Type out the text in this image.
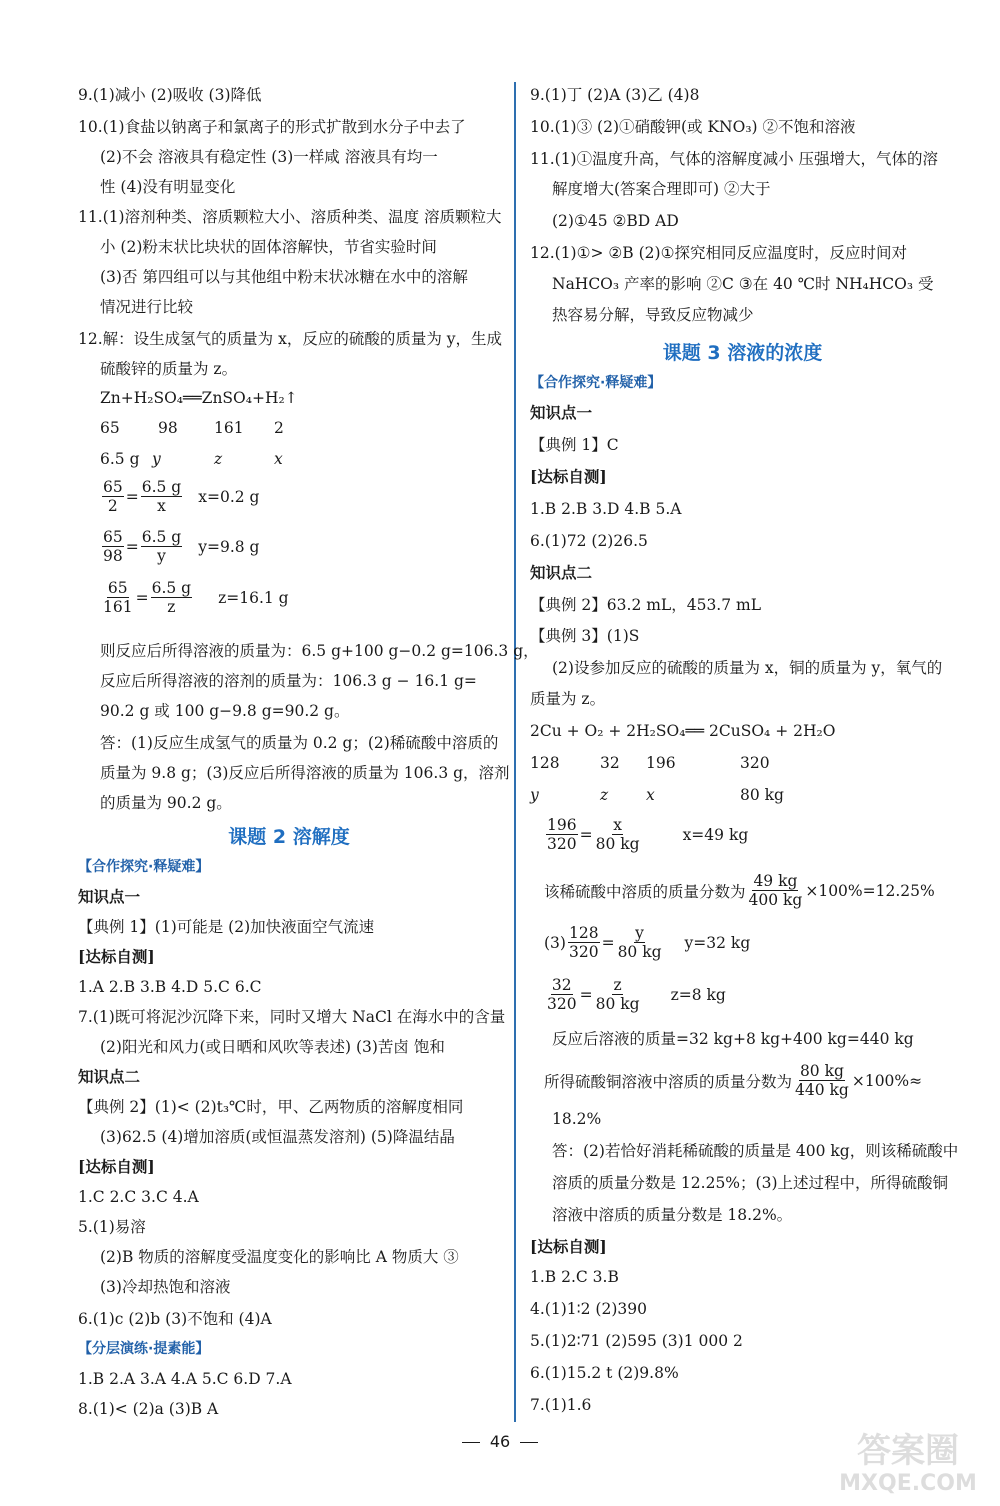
9.(1)减小 (2)吸收 (3)降低
10.(1)食盐以钠离子和氯离子的形式扩散到水分子中去了
(2)不会 溶液具有稳定性 (3)一样咸 溶液具有均一
性 (4)没有明显变化
11.(1)溶剂种类、溶质颗粒大小、溶质种类、温度 溶质颗粒大
小 (2)粉末状比块状的固体溶解快，节省实验时间
(3)否 第四组可以与其他组中粉末状冰糖在水中的溶解
情况进行比较
12.解：设生成氢气的质量为 x，反应的硫酸的质量为 y，生成
硫酸锌的质量为 z。
Zn+H₂SO₄══ZnSO₄+H₂↑
65 98 161 2
6.5 g y	z	x
$\frac{65}{2} = \frac{6.5 g}{x} x=0.2$ g
$\frac{65}{98} = \frac{6.5 g}{y} y=9.8$ g
$\frac{65}{161} = \frac{6.5 g}{z} z=16.1$ g
则反应后所得溶液的质量为：6.5 g+100 g−0.2 g=106.3 g，
反应后所得溶液的溶剂的质量为：106.3 g − 16.1 g=
90.2 g 或 100 g−9.8 g=90.2 g。
答：(1)反应生成氢气的质量为 0.2 g；(2)稀硫酸中溶质的
质量为 9.8 g；(3)反应后所得溶液的质量为 106.3 g，溶剂
的质量为 90.2 g。
课题 2 溶解度
【合作探究·释疑难】
知识点一
【典例 1】(1)可能是 (2)加快液面空气流速
[达标自测]
1.A 2.B 3.B 4.D 5.C 6.C
7.(1)既可将泥沙沉降下来，同时又增大 NaCl 在海水中的含量
(2)阳光和风力(或日晒和风吹等表述) (3)苦卤 饱和
知识点二
【典例 2】(1)< (2)t₃℃时，甲、乙两物质的溶解度相同
(3)62.5 (4)增加溶质(或恒温蒸发溶剂) (5)降温结晶
[达标自测]
1.C 2.C 3.C 4.A
5.(1)易溶
(2)B 物质的溶解度受温度变化的影响比 A 物质大 ③
(3)冷却热饱和溶液
6.(1)c (2)b (3)不饱和 (4)A
【分层演练·提素能】
1.B 2.A 3.A 4.A 5.C 6.D 7.A
8.(1)< (2)a (3)B A
9.(1)丁 (2)A (3)乙 (4)8
10.(1)③ (2)①硝酸钾(或 KNO₃) ②不饱和溶液
11.(1)①温度升高，气体的溶解度减小 压强增大，气体的溶
解度增大(答案合理即可) ②大于
(2)①45 ②BD AD
12.(1)①> ②B (2)①探究相同反应温度时，反应时间对
NaHCO₃ 产率的影响 ②C ③在 40 ℃时 NH₄HCO₃ 受
热容易分解，导致反应物减少
课题 3 溶液的浓度
【合作探究·释疑难】
知识点一
【典例 1】C
[达标自测]
1.B 2.B 3.D 4.B 5.A
6.(1)72 (2)26.5
知识点二
【典例 2】63.2 mL，453.7 mL
【典例 3】(1)S
(2)设参加反应的硫酸的质量为 x，铜的质量为 y，氧气的
质量为 z。
2Cu + O₂ + 2H₂SO₄══ 2CuSO₄ + 2H₂O
128	32 196	320
y	z x	80 kg
$\frac{196}{320} = \frac{x}{80 kg}$	x=49 kg
该稀硫酸中溶质的质量分数为 $\frac{49 kg}{400 kg} \times 100\%=12.25\%$
$(3) \frac{128}{320} = \frac{y}{80 kg} y=32$ kg
$\frac{32}{320} = \frac{z}{80 kg} z=8$ kg
反应后溶液的质量=32 kg+8 kg+400 kg=440 kg
所得硫酸铜溶液中溶质的质量分数为 $\frac{80 kg}{440 kg} \times 100\%\approx$
18.2%
答：(2)若恰好消耗稀硫酸的质量是 400 kg，则该稀硫酸中
溶质的质量分数是 12.25%；(3)上述过程中，所得硫酸铜
溶液中溶质的质量分数是 18.2%。
[达标自测]
1.B 2.C 3.B
4.(1)1∶2 (2)390
5.(1)2∶71 (2)595 (3)1 000 2
6.(1)15.2 t (2)9.8%
7.(1)1.6
46	答案圈
MXQE.COM
